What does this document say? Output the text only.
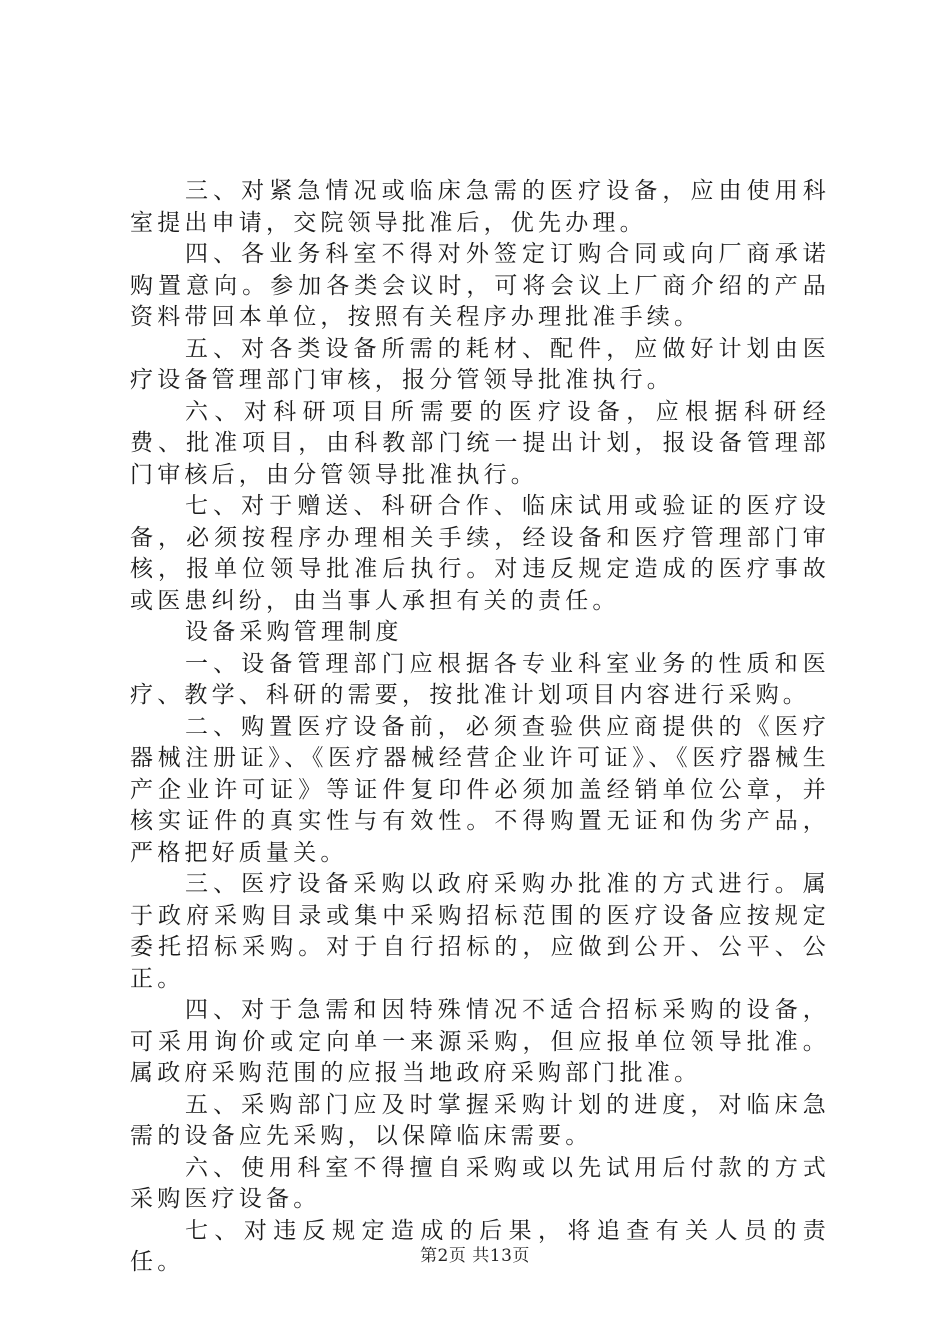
三、对紧急情况或临床急需的医疗设备，应由使用科室提出申请，交院领导批准后，优先办理。

四、各业务科室不得对外签定订购合同或向厂商承诺购置意向。参加各类会议时，可将会议上厂商介绍的产品资料带回本单位，按照有关程序办理批准手续。

五、对各类设备所需的耗材、配件，应做好计划由医疗设备管理部门审核，报分管领导批准执行。

六、对科研项目所需要的医疗设备，应根据科研经费、批准项目，由科教部门统一提出计划，报设备管理部门审核后，由分管领导批准执行。

七、对于赠送、科研合作、临床试用或验证的医疗设备，必须按程序办理相关手续，经设备和医疗管理部门审核，报单位领导批准后执行。对违反规定造成的医疗事故或医患纠纷，由当事人承担有关的责任。

设备采购管理制度

一、设备管理部门应根据各专业科室业务的性质和医疗、教学、科研的需要，按批准计划项目内容进行采购。

二、购置医疗设备前，必须查验供应商提供的《医疗器械注册证》、《医疗器械经营企业许可证》、《医疗器械生产企业许可证》等证件复印件必须加盖经销单位公章，并核实证件的真实性与有效性。不得购置无证和伪劣产品，严格把好质量关。

三、医疗设备采购以政府采购办批准的方式进行。属于政府采购目录或集中采购招标范围的医疗设备应按规定委托招标采购。对于自行招标的，应做到公开、公平、公正。

四、对于急需和因特殊情况不适合招标采购的设备，可采用询价或定向单一来源采购，但应报单位领导批准。属政府采购范围的应报当地政府采购部门批准。

五、采购部门应及时掌握采购计划的进度，对临床急需的设备应先采购，以保障临床需要。

六、使用科室不得擅自采购或以先试用后付款的方式采购医疗设备。

七、对违反规定造成的后果，将追查有关人员的责任。	第2页 共13页
